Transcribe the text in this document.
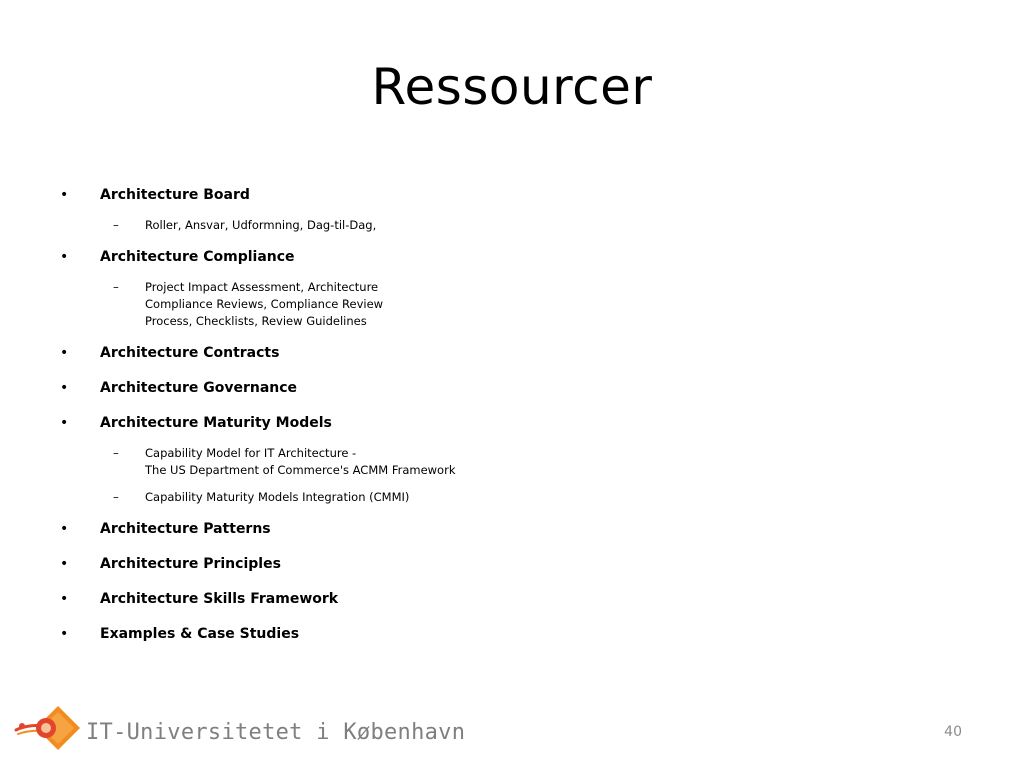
Ressourcer
• Architecture Board
– Roller, Ansvar, Udformning, Dag-til-Dag,
• Architecture Compliance
– Project Impact Assessment, Architecture
Compliance Reviews, Compliance Review
Process, Checklists, Review Guidelines
• Architecture Contracts
• Architecture Governance
• Architecture Maturity Models
– Capability Model for IT Architecture -
The US Department of Commerce's ACMM Framework
– Capability Maturity Models Integration (CMMI)
• Architecture Patterns
• Architecture Principles
• Architecture Skills Framework
• Examples & Case Studies
IT-Universitetet i København	40
